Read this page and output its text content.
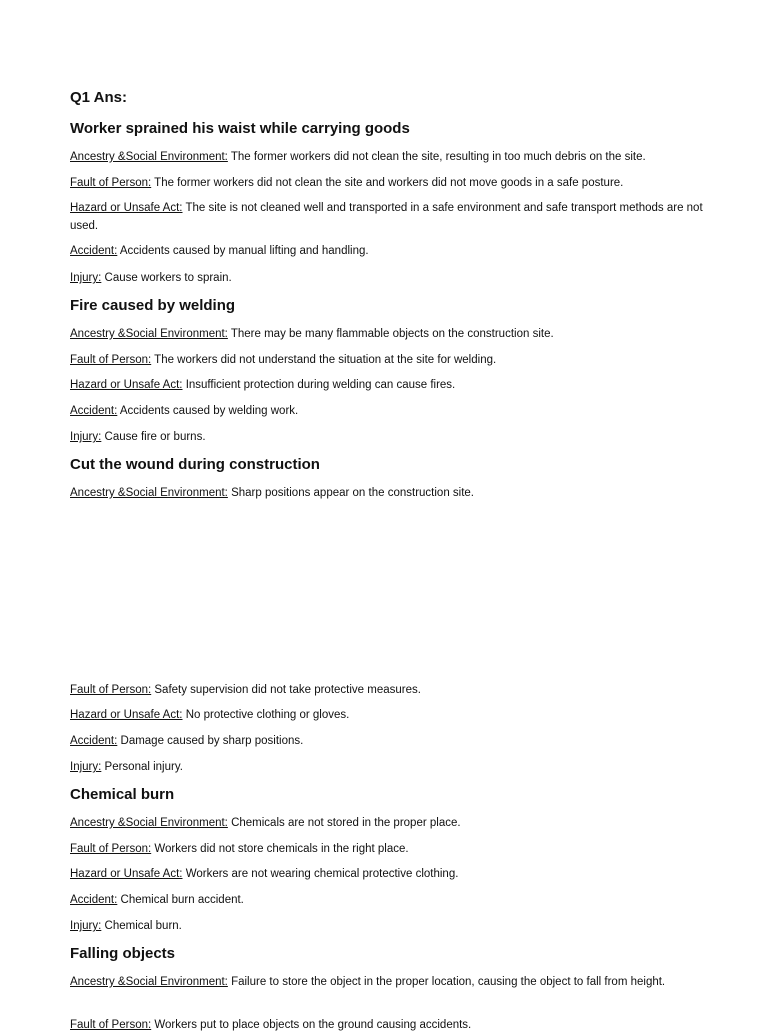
Q1 Ans:
Worker sprained his waist while carrying goods
Ancestry &Social Environment: The former workers did not clean the site, resulting in too much debris on the site.
Fault of Person: The former workers did not clean the site and workers did not move goods in a safe posture.
Hazard or Unsafe Act: The site is not cleaned well and transported in a safe environment and safe transport methods are not used.
Accident: Accidents caused by manual lifting and handling.
Injury: Cause workers to sprain.
Fire caused by welding
Ancestry &Social Environment: There may be many flammable objects on the construction site.
Fault of Person: The workers did not understand the situation at the site for welding.
Hazard or Unsafe Act: Insufficient protection during welding can cause fires.
Accident: Accidents caused by welding work.
Injury: Cause fire or burns.
Cut the wound during construction
Ancestry &Social Environment: Sharp positions appear on the construction site.
Fault of Person: Safety supervision did not take protective measures.
Hazard or Unsafe Act: No protective clothing or gloves.
Accident: Damage caused by sharp positions.
Injury: Personal injury.
Chemical burn
Ancestry &Social Environment: Chemicals are not stored in the proper place.
Fault of Person: Workers did not store chemicals in the right place.
Hazard or Unsafe Act: Workers are not wearing chemical protective clothing.
Accident: Chemical burn accident.
Injury: Chemical burn.
Falling objects
Ancestry &Social Environment: Failure to store the object in the proper location, causing the object to fall from height.
Fault of Person: Workers put to place objects on the ground causing accidents.
